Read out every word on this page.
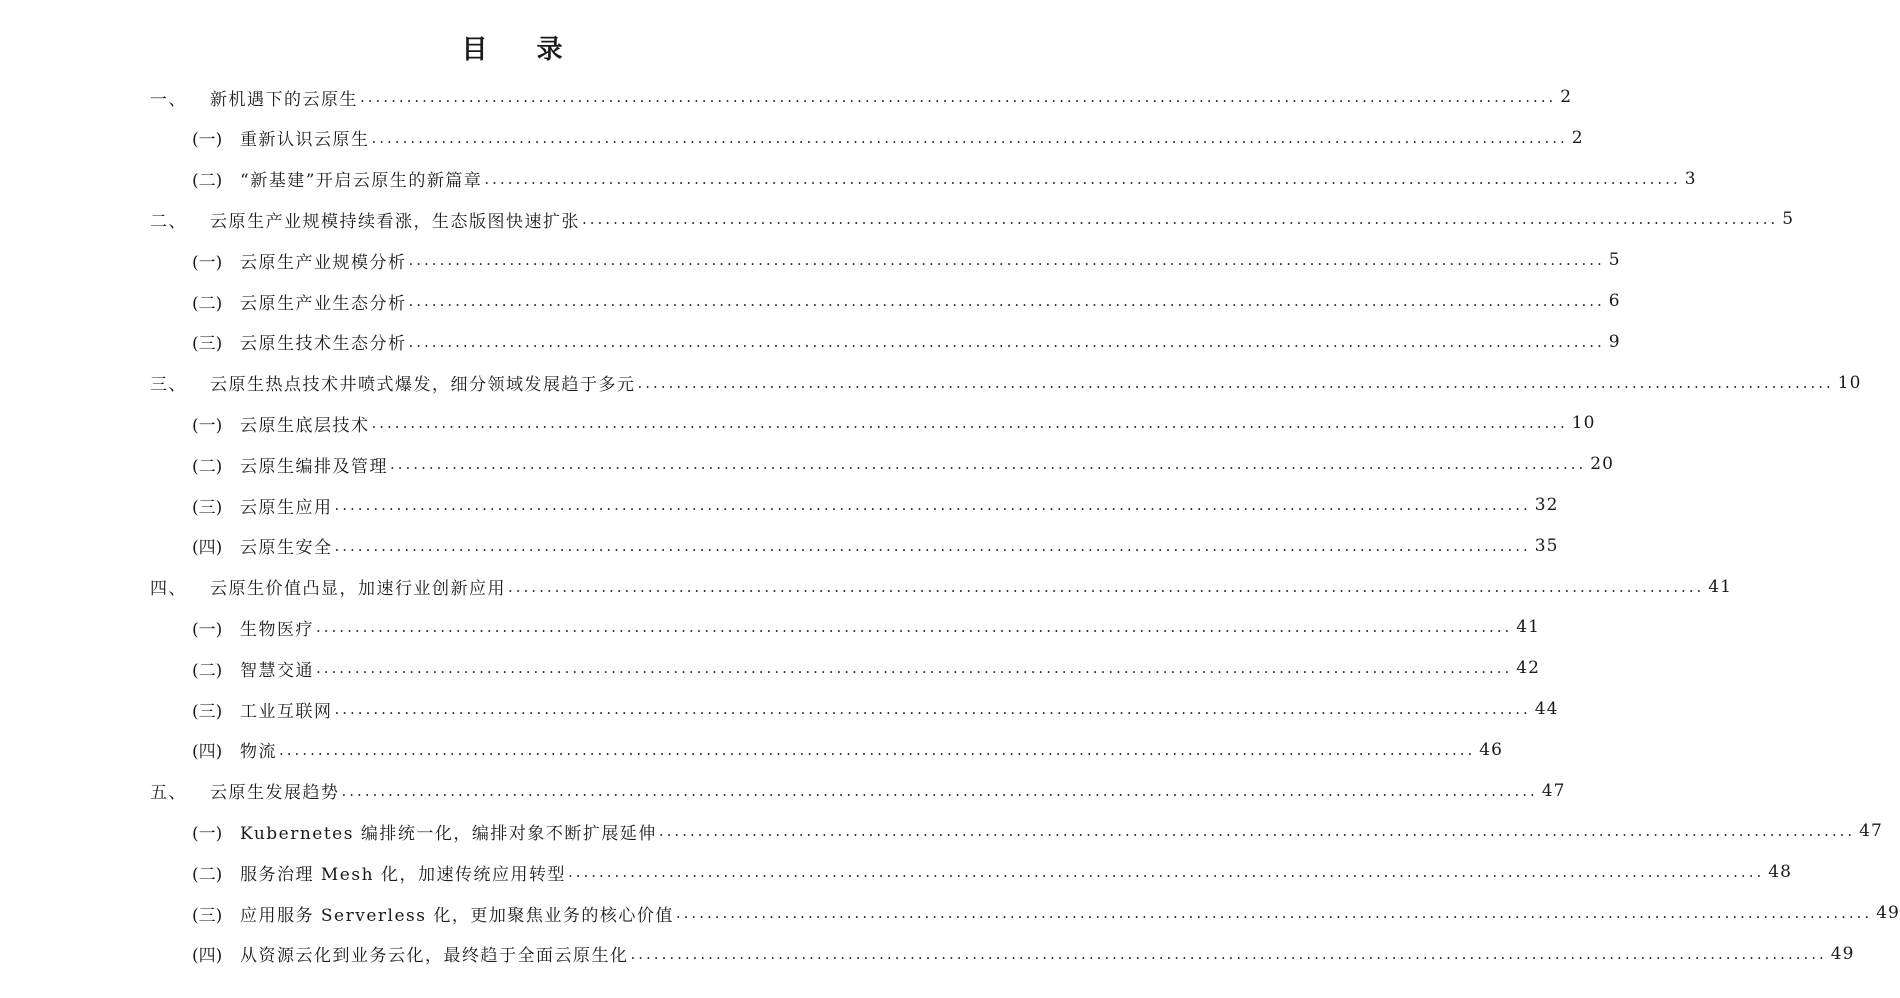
目 录
一、	新机遇下的云原生 .......................................................................................................................................................... 2
(一)	重新认识云原生 .......................................................................................................................................................... 2
(二)	“新基建”开启云原生的新篇章 .......................................................................................................................................................... 3
二、	云原生产业规模持续看涨，生态版图快速扩张 .......................................................................................................................................................... 5
(一)	云原生产业规模分析 .......................................................................................................................................................... 5
(二)	云原生产业生态分析 .......................................................................................................................................................... 6
(三)	云原生技术生态分析 .......................................................................................................................................................... 9
三、	云原生热点技术井喷式爆发，细分领域发展趋于多元 .......................................................................................................................................................... 10
(一)	云原生底层技术 .......................................................................................................................................................... 10
(二)	云原生编排及管理 .......................................................................................................................................................... 20
(三)	云原生应用 .......................................................................................................................................................... 32
(四)	云原生安全 .......................................................................................................................................................... 35
四、	云原生价值凸显，加速行业创新应用 .......................................................................................................................................................... 41
(一)	生物医疗 .......................................................................................................................................................... 41
(二)	智慧交通 .......................................................................................................................................................... 42
(三)	工业互联网 .......................................................................................................................................................... 44
(四)	物流 .......................................................................................................................................................... 46
五、	云原生发展趋势 .......................................................................................................................................................... 47
(一)	Kubernetes 编排统一化，编排对象不断扩展延伸 .......................................................................................................................................................... 47
(二)	服务治理 Mesh 化，加速传统应用转型 .......................................................................................................................................................... 48
(三)	应用服务 Serverless 化，更加聚焦业务的核心价值 .......................................................................................................................................................... 49
(四)	从资源云化到业务云化，最终趋于全面云原生化 .......................................................................................................................................................... 49
